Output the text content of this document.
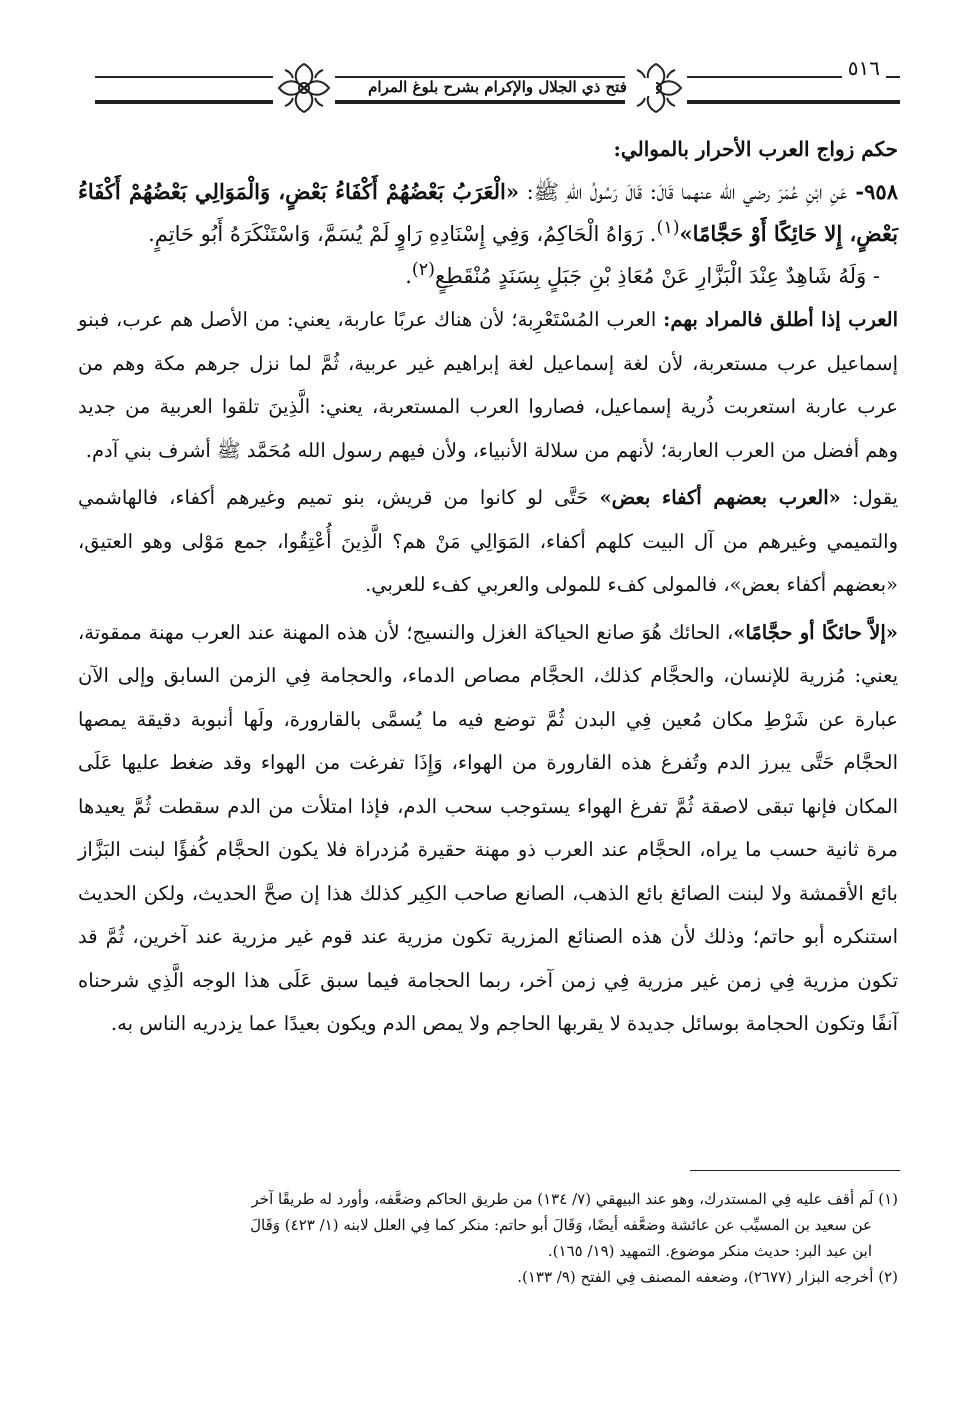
فتح ذي الجلال والإكرام بشرح بلوغ المرام
٥١٦
حكم زواج العرب الأحرار بالموالي:

٩٥٨- عَنِ ابْنِ عُمَرَ رضي الله عنهما قَالَ: قَالَ رَسُولُ اللهِ ﷺ: «الْعَرَبُ بَعْضُهُمْ أَكْفَاءُ بَعْضٍ، وَالْمَوَالِي بَعْضُهُمْ أَكْفَاءُ بَعْضٍ، إِلا حَائِكًا أَوْ حَجَّامًا»$^{(١)}$. رَوَاهُ الْحَاكِمُ، وَفِي إِسْنَادِهِ رَاوٍ لَمْ يُسَمَّ، وَاسْتَنْكَرَهُ أَبُو حَاتِمٍ.

- وَلَهُ شَاهِدٌ عِنْدَ الْبَزَّارِ عَنْ مُعَاذِ بْنِ جَبَلٍ بِسَنَدٍ مُنْقَطِعٍ$^{(٢)}$.

العرب إذا أطلق فالمراد بهم: العرب المُسْتَعْرِبة؛ لأن هناك عربًا عاربة، يعني: من الأصل هم عرب، فبنو إسماعيل عرب مستعربة، لأن لغة إسماعيل لغة إبراهيم غير عربية، ثُمَّ لما نزل جرهم مكة وهم من عرب عاربة استعربت ذُرية إسماعيل، فصاروا العرب المستعربة، يعني: الَّذِينَ تلقوا العربية من جديد وهم أفضل من العرب العاربة؛ لأنهم من سلالة الأنبياء، ولأن فيهم رسول الله مُحَمَّد ﷺ أشرف بني آدم.

يقول: «العرب بعضهم أكفاء بعض» حَتَّى لو كانوا من قريش، بنو تميم وغيرهم أكفاء، فالهاشمي والتميمي وغيرهم من آل البيت كلهم أكفاء، المَوَالِي مَنْ هم؟ الَّذِينَ أُعْتِقُوا، جمع مَوْلى وهو العتيق، «بعضهم أكفاء بعض»، فالمولى كفء للمولى والعربي كفء للعربي.

«إلاَّ حائكًا أو حجَّامًا»، الحائك هُوَ صانع الحياكة الغزل والنسيج؛ لأن هذه المهنة عند العرب مهنة ممقوتة، يعني: مُزرية للإنسان، والحجَّام كذلك، الحجَّام مصاص الدماء، والحجامة فِي الزمن السابق وإلى الآن عبارة عن شَرْطِ مكان مُعين فِي البدن ثُمَّ توضع فيه ما يُسمَّى بالقارورة، ولَها أنبوبة دقيقة يمصها الحجَّام حَتَّى يبرز الدم وتُفرغ هذه القارورة من الهواء، وَإِذَا تفرغت من الهواء وقد ضغط عليها عَلَى المكان فإنها تبقى لاصقة ثُمَّ تفرغ الهواء يستوجب سحب الدم، فإذا امتلأت من الدم سقطت ثُمَّ يعيدها مرة ثانية حسب ما يراه، الحجَّام عند العرب ذو مهنة حقيرة مُزدراة فلا يكون الحجَّام كُفؤًا لبنت البَزَّاز بائع الأقمشة ولا لبنت الصائغ بائع الذهب، الصانع صاحب الكِير كذلك هذا إن صحَّ الحديث، ولكن الحديث استنكره أبو حاتم؛ وذلك لأن هذه الصنائع المزرية تكون مزرية عند قوم غير مزرية عند آخرين، ثُمَّ قد تكون مزرية فِي زمن غير مزرية فِي زمن آخر، ربما الحجامة فيما سبق عَلَى هذا الوجه الَّذِي شرحناه آنفًا وتكون الحجامة بوسائل جديدة لا يقربها الحاجم ولا يمص الدم ويكون بعيدًا عما يزدريه الناس به.

(١) لَم أقف عليه فِي المستدرك، وهو عند البيهقي (٧/ ١٣٤) من طريق الحاكم وضعَّفه، وأورد له طريقًا آخر
عن سعيد بن المسيِّب عن عائشة وضعَّفه أيضًا، وَقَالَ أبو حاتم: منكر كما فِي العلل لابنه (١/ ٤٢٣) وَقَالَ
ابن عبد البر: حديث منكر موضوع. التمهيد (١٩/ ١٦٥).

(٢) أخرجه البزار (٢٦٧٧)، وضعفه المصنف فِي الفتح (٩/ ١٣٣).
